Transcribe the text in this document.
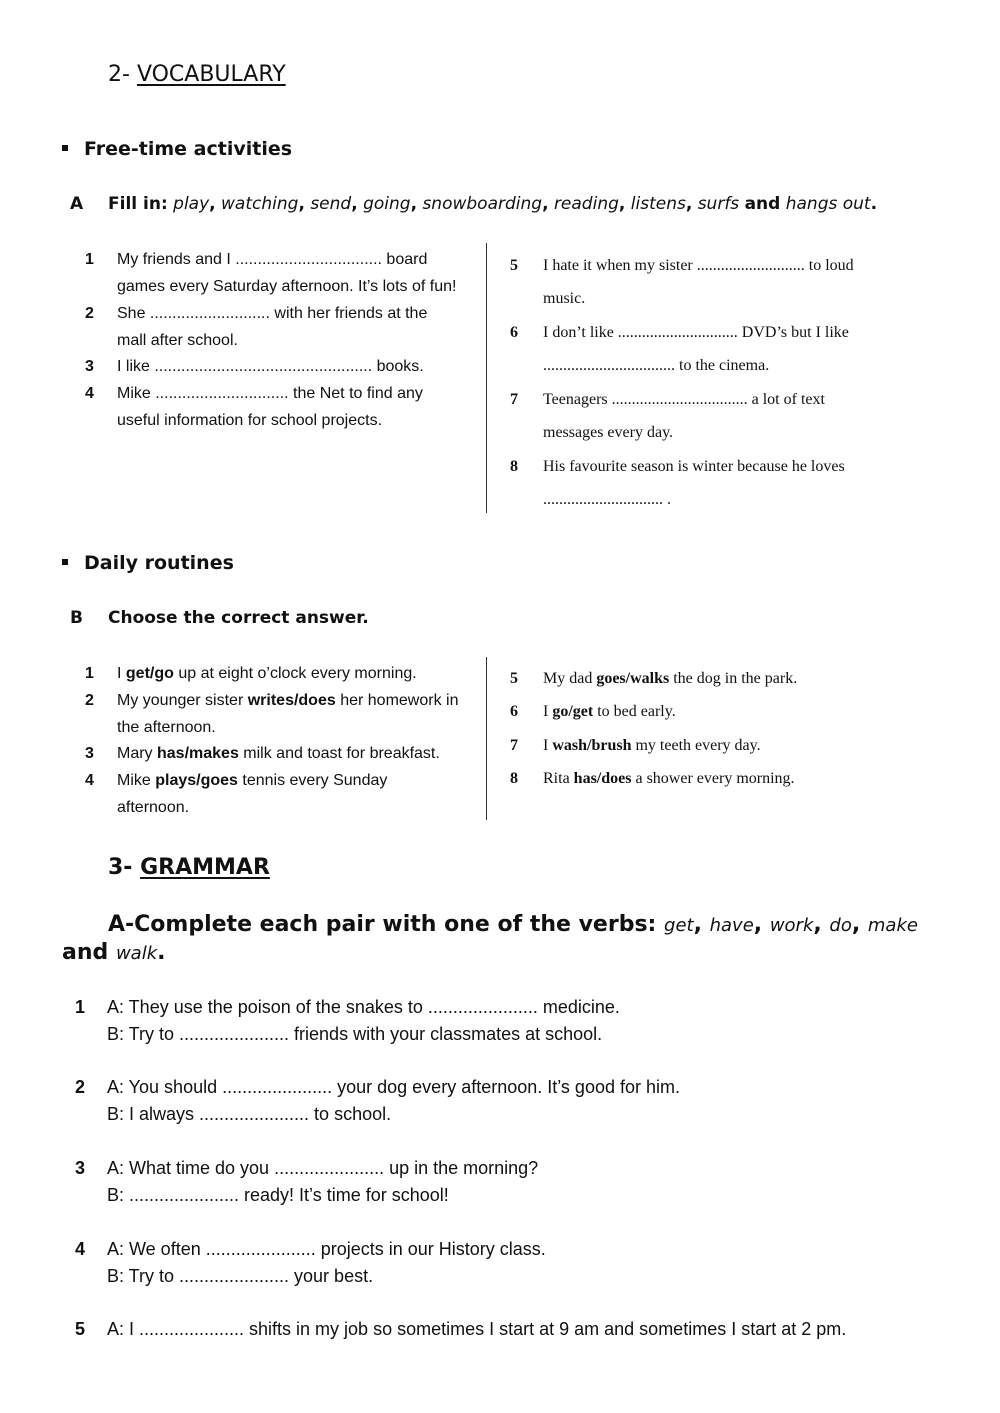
2- VOCABULARY
Free-time activities
A Fill in: play, watching, send, going, snowboarding, reading, listens, surfs and hangs out.
1 My friends and I ................................. board
games every Saturday afternoon. It’s lots of fun!
2 She ........................... with her friends at the
mall after school.
3 I like ................................................. books.
4 Mike .............................. the Net to find any
useful information for school projects.
5 I hate it when my sister ........................... to loud
music.
6 I don’t like .............................. DVD’s but I like
................................. to the cinema.
7 Teenagers .................................. a lot of text
messages every day.
8 His favourite season is winter because he loves
.............................. .
Daily routines
B Choose the correct answer.
1 I get/go up at eight o’clock every morning.
2 My younger sister writes/does her homework in
the afternoon.
3 Mary has/makes milk and toast for breakfast.
4 Mike plays/goes tennis every Sunday
afternoon.
5 My dad goes/walks the dog in the park.
6 I go/get to bed early.
7 I wash/brush my teeth every day.
8 Rita has/does a shower every morning.
3- GRAMMAR
A-Complete each pair with one of the verbs: get, have, work, do, make
and walk.
1 A: They use the poison of the snakes to ...................... medicine.
B: Try to ...................... friends with your classmates at school.
2 A: You should ...................... your dog every afternoon. It’s good for him.
B: I always ...................... to school.
3 A: What time do you ...................... up in the morning?
B: ...................... ready! It’s time for school!
4 A: We often ...................... projects in our History class.
B: Try to ...................... your best.
5 A: I ..................... shifts in my job so sometimes I start at 9 am and sometimes I start at 2 pm.
